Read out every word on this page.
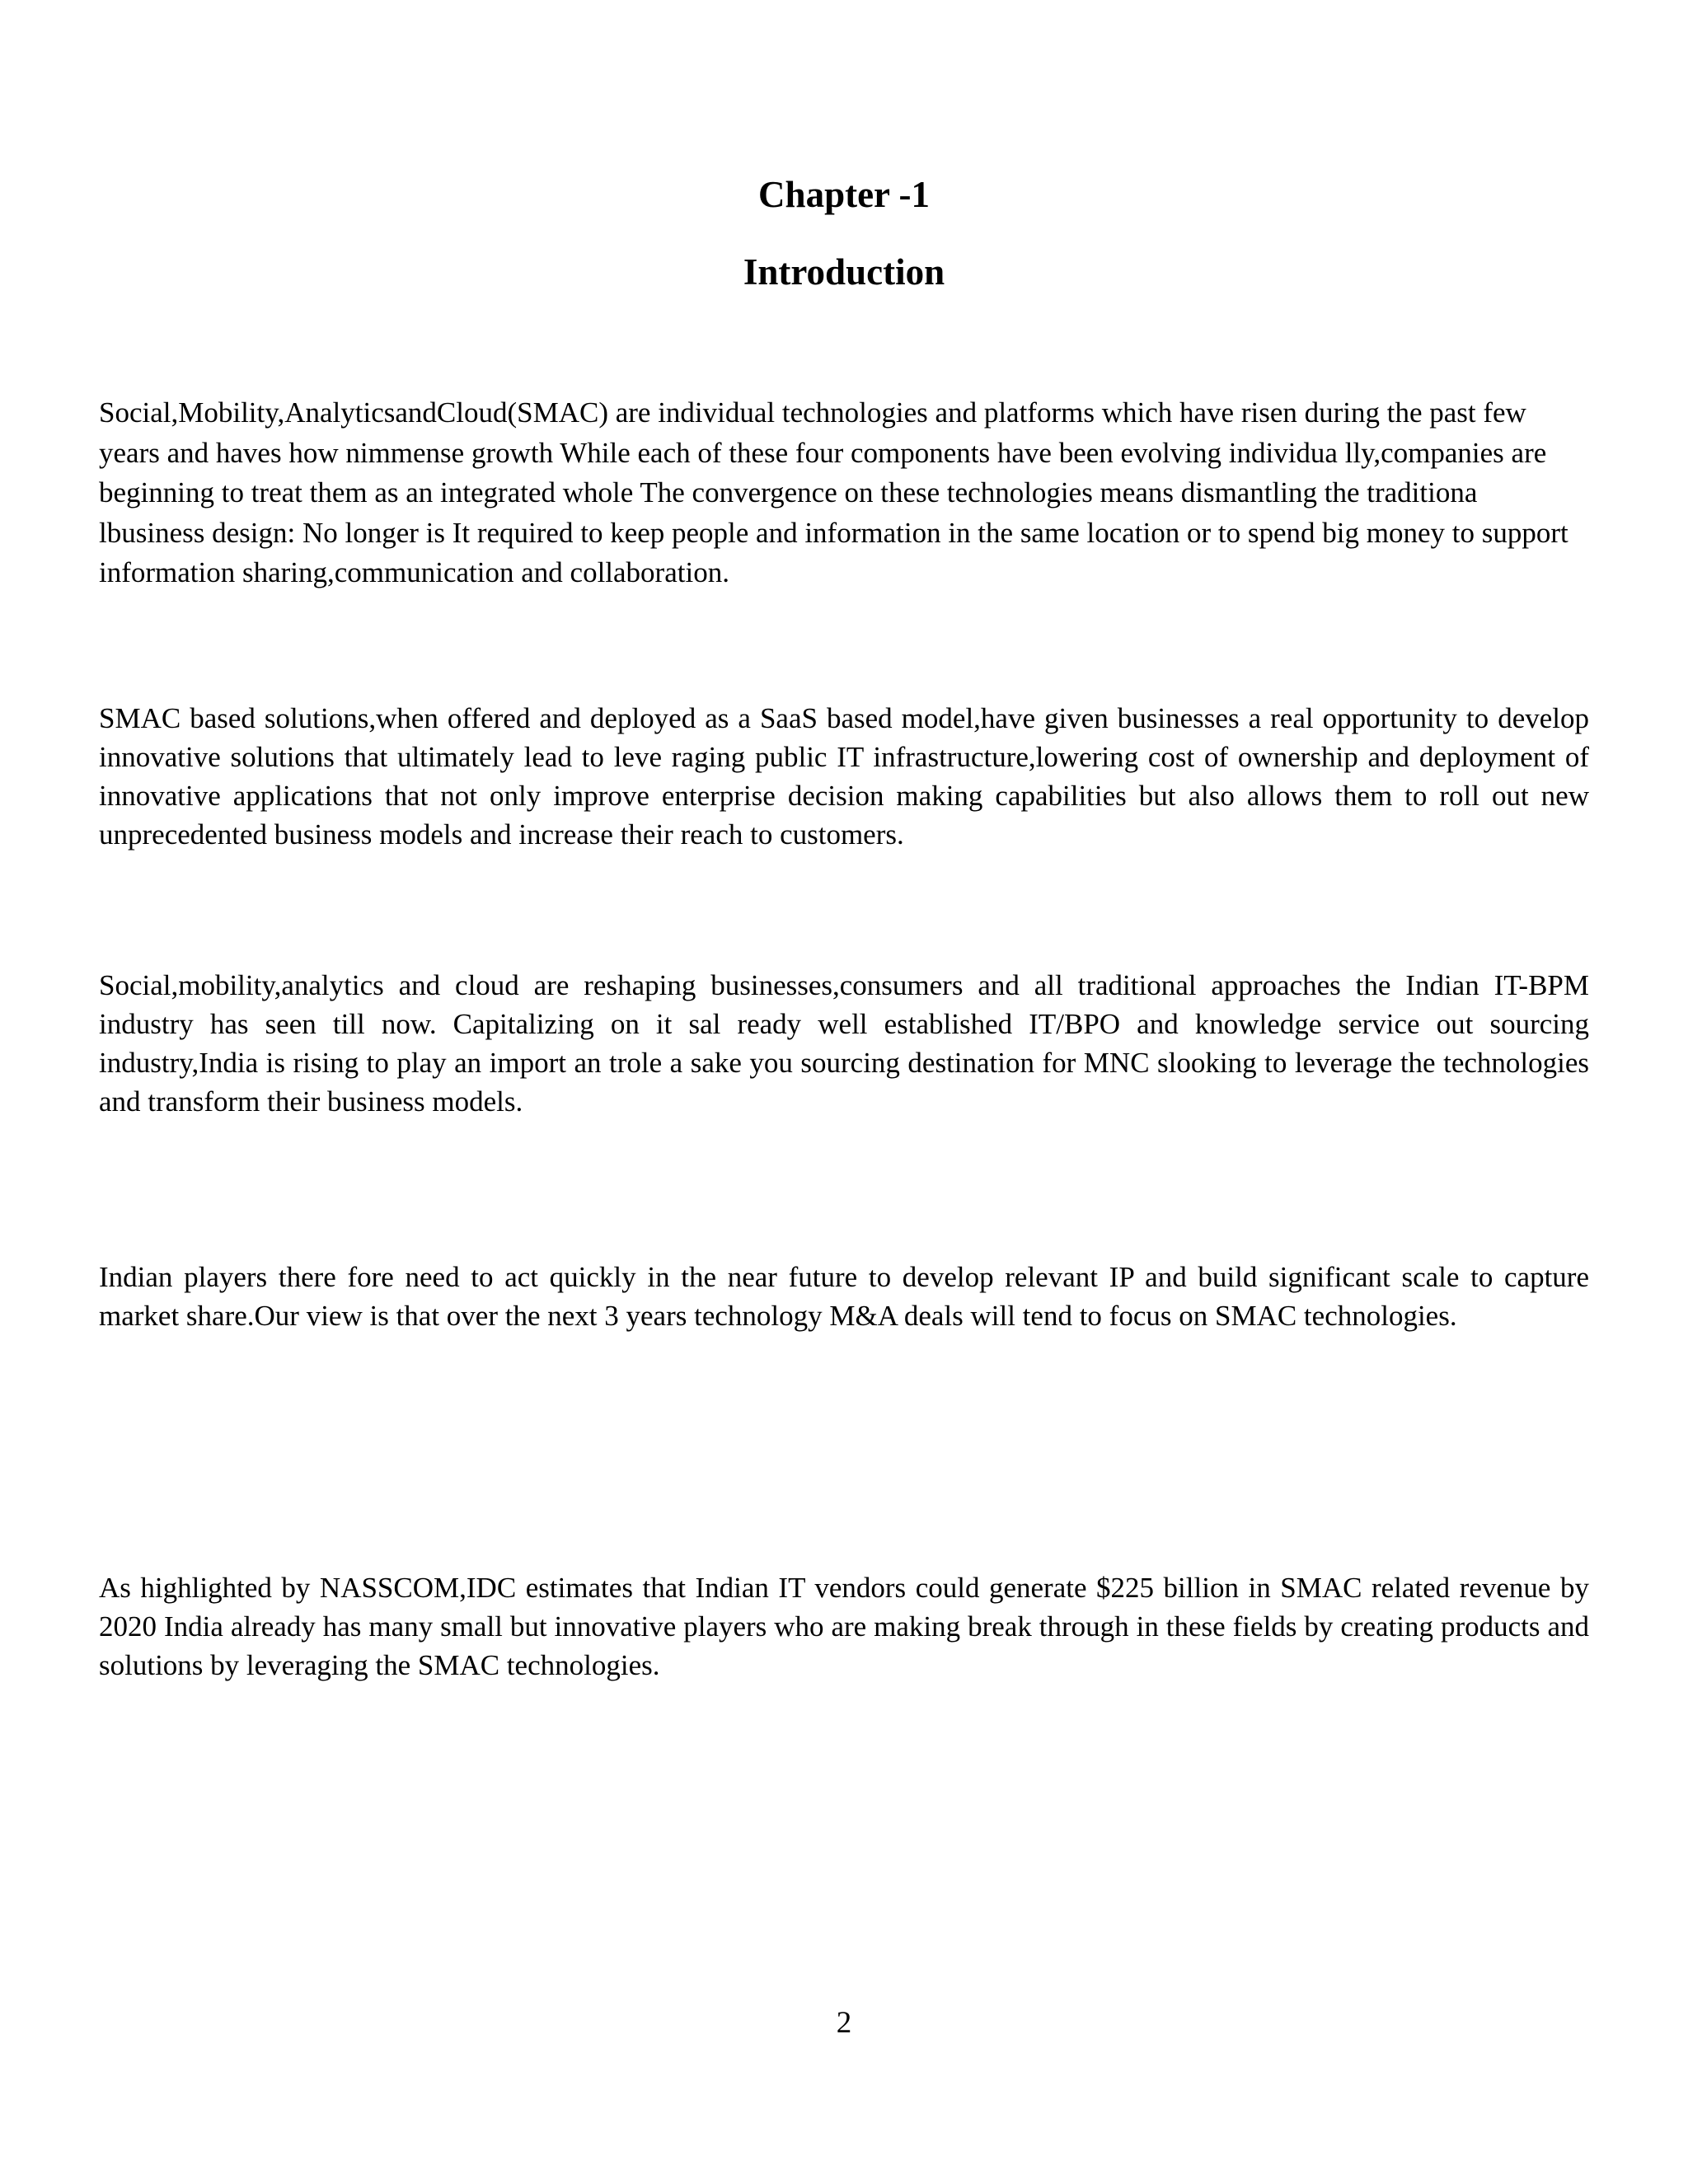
Chapter -1
Introduction

Social,Mobility,AnalyticsandCloud(SMAC) are individual technologies and platforms which have risen during the past few years and haves how nimmense growth While each of these four components have been evolving individua lly,companies are beginning to treat them as an integrated whole The convergence on these technologies means dismantling the traditiona lbusiness design: No longer is It required to keep people and information in the same location or to spend big money to support information sharing,communication and collaboration.

SMAC based solutions,when offered and deployed as a SaaS based model,have given businesses a real opportunity to develop innovative solutions that ultimately lead to leve raging public IT infrastructure,lowering cost of ownership and deployment of innovative applications that not only improve enterprise decision making capabilities but also allows them to roll out new unprecedented business models and increase their reach to customers.

Social,mobility,analytics and cloud are reshaping businesses,consumers and all traditional approaches the Indian IT-BPM industry has seen till now. Capitalizing on it sal ready well established IT/BPO and knowledge service out sourcing industry,India is rising to play an import an trole a sake you sourcing destination for MNC slooking to leverage the technologies and transform their business models.

Indian players there fore need to act quickly in the near future to develop relevant IP and build significant scale to capture market share.Our view is that over the next 3 years technology M&A deals will tend to focus on SMAC technologies.

As highlighted by NASSCOM,IDC estimates that Indian IT vendors could generate $225 billion in SMAC related revenue by 2020 India already has many small but innovative players who are making break through in these fields by creating products and solutions by leveraging the SMAC technologies.

2
